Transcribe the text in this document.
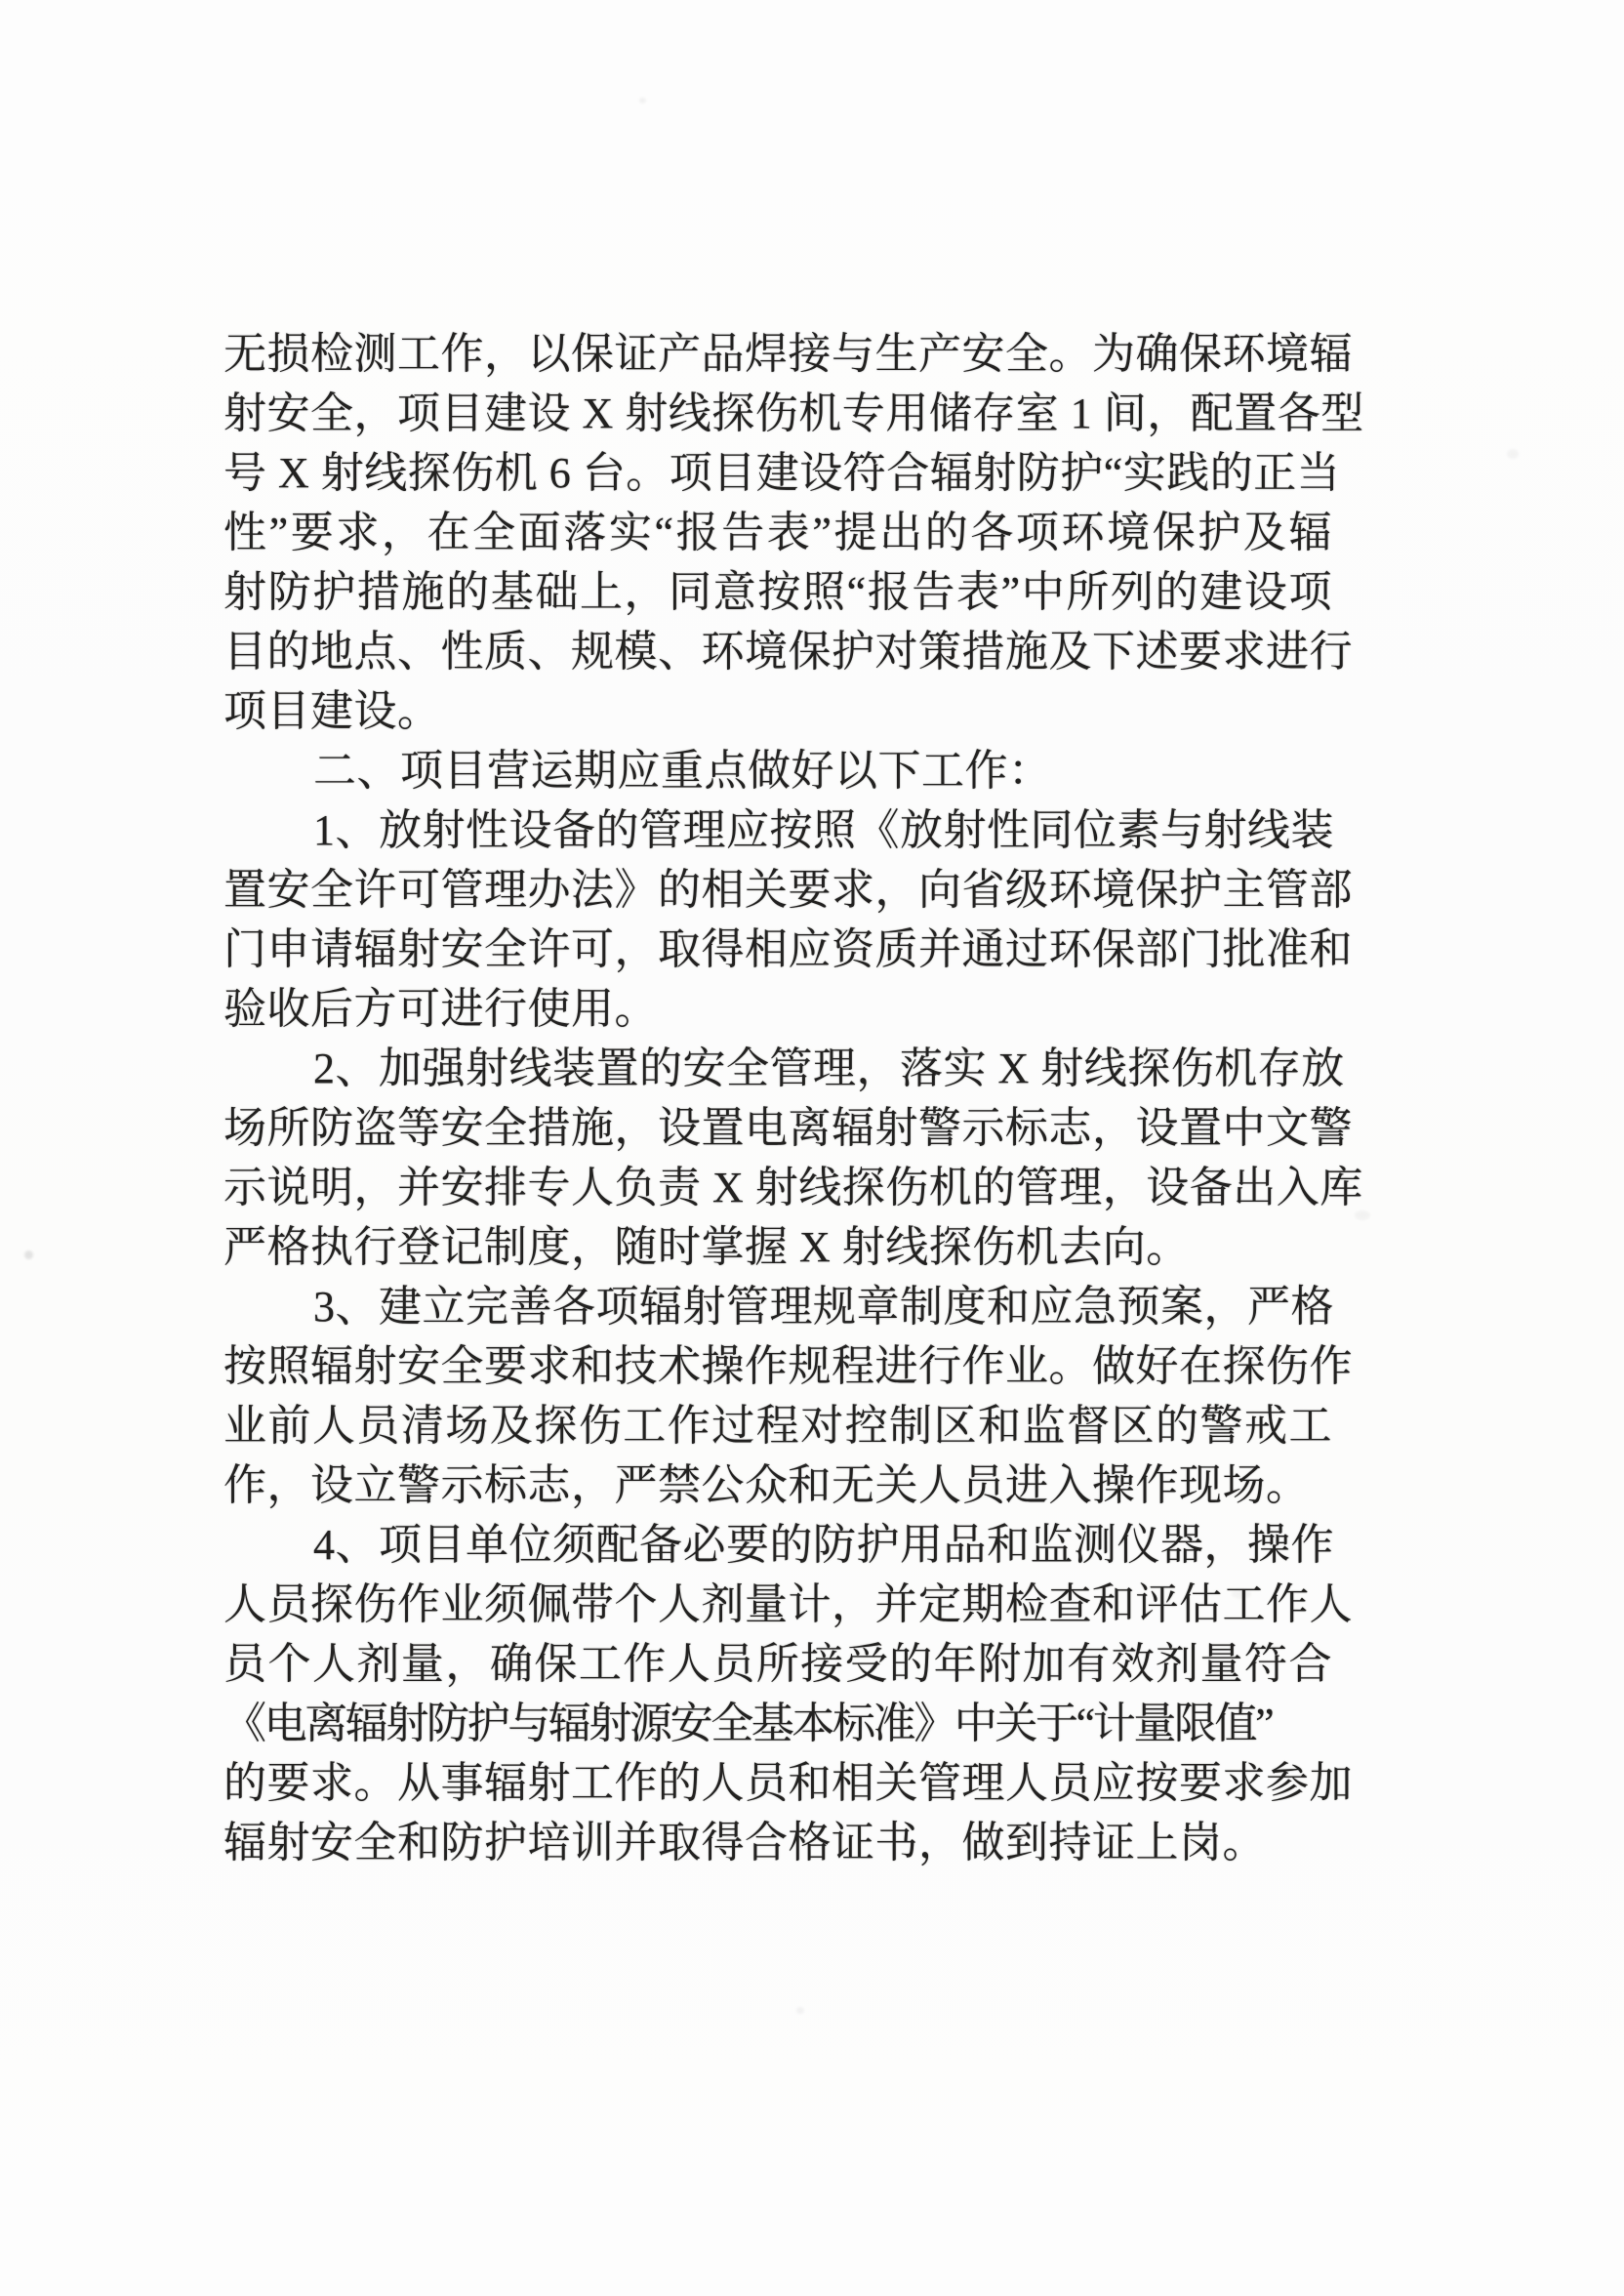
无损检测工作，以保证产品焊接与生产安全。为确保环境辐
射安全，项目建设 X 射线探伤机专用储存室 1 间，配置各型
号 X 射线探伤机 6 台。项目建设符合辐射防护“实践的正当
性”要求，在全面落实“报告表”提出的各项环境保护及辐
射防护措施的基础上，同意按照“报告表”中所列的建设项
目的地点、性质、规模、环境保护对策措施及下述要求进行
项目建设。
二、项目营运期应重点做好以下工作：
1、放射性设备的管理应按照《放射性同位素与射线装
置安全许可管理办法》的相关要求，向省级环境保护主管部
门申请辐射安全许可，取得相应资质并通过环保部门批准和
验收后方可进行使用。
2、加强射线装置的安全管理，落实 X 射线探伤机存放
场所防盗等安全措施，设置电离辐射警示标志，设置中文警
示说明，并安排专人负责 X 射线探伤机的管理，设备出入库
严格执行登记制度，随时掌握 X 射线探伤机去向。
3、建立完善各项辐射管理规章制度和应急预案，严格
按照辐射安全要求和技术操作规程进行作业。做好在探伤作
业前人员清场及探伤工作过程对控制区和监督区的警戒工
作，设立警示标志，严禁公众和无关人员进入操作现场。
4、项目单位须配备必要的防护用品和监测仪器，操作
人员探伤作业须佩带个人剂量计，并定期检查和评估工作人
员个人剂量，确保工作人员所接受的年附加有效剂量符合
《电离辐射防护与辐射源安全基本标准》中关于“计量限值”
的要求。从事辐射工作的人员和相关管理人员应按要求参加
辐射安全和防护培训并取得合格证书，做到持证上岗。
